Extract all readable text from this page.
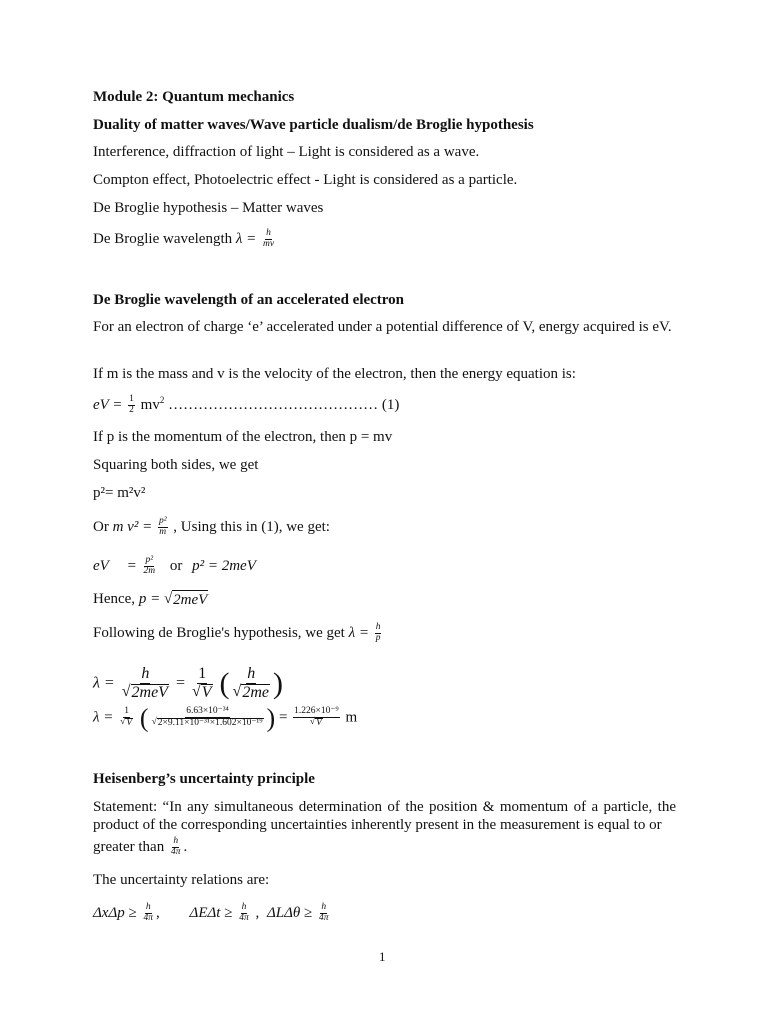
Module 2: Quantum mechanics
Duality of matter waves/Wave particle dualism/de Broglie hypothesis
Interference, diffraction of light – Light is considered as a wave.
Compton effect, Photoelectric effect - Light is considered as a particle.
De Broglie hypothesis – Matter waves
De Broglie wavelength $\lambda = \frac{h}{mv}$
De Broglie wavelength of an accelerated electron
For an electron of charge ‘e’ accelerated under a potential difference of V, energy acquired is eV.
If m is the mass and v is the velocity of the electron, then the energy equation is:
eV = $\frac{1}{2} mv^2$ …………………………………… (1)
If p is the momentum of the electron, then p = mv
Squaring both sides, we get
p²= m²v²
Or m $v^2 = \frac{\text{p²}}{m}$ , Using this in (1), we get:
eV = $\frac{\text{p²}}{2m}$ or p² = 2meV
Hence, p = √ 2meV
Following de Broglie's hypothesis, we get $\lambda = \frac{h}{p}$
$\lambda = \frac{h}{\text{√ 2meV}} = \frac{1}{√ V}$ ( $\frac{h}{√ 2me}$ )
$\lambda = \frac{1}{√ V}$ ( $\frac{\text{6.63×10⁻³⁴}}{\text{√ 2×9.11×10⁻³¹×1.602×10⁻¹⁹}}$ ) = $\frac{\text{1.226×10⁻⁹}}{√ V}$ m
Heisenberg’s uncertainty principle
Statement: “In any simultaneous determination of the position & momentum of a particle, the product of the corresponding uncertainties inherently present in the measurement is equal to or
greater than $\frac{h}{4\pi}$ .
The uncertainty relations are:
$\Delta x\Delta p \ge \frac{h}{4\pi}$ , $\Delta E\Delta t \ge \frac{h}{4\pi}$ , $\Delta L\Delta\theta \ge \frac{h}{4\pi}$
1
